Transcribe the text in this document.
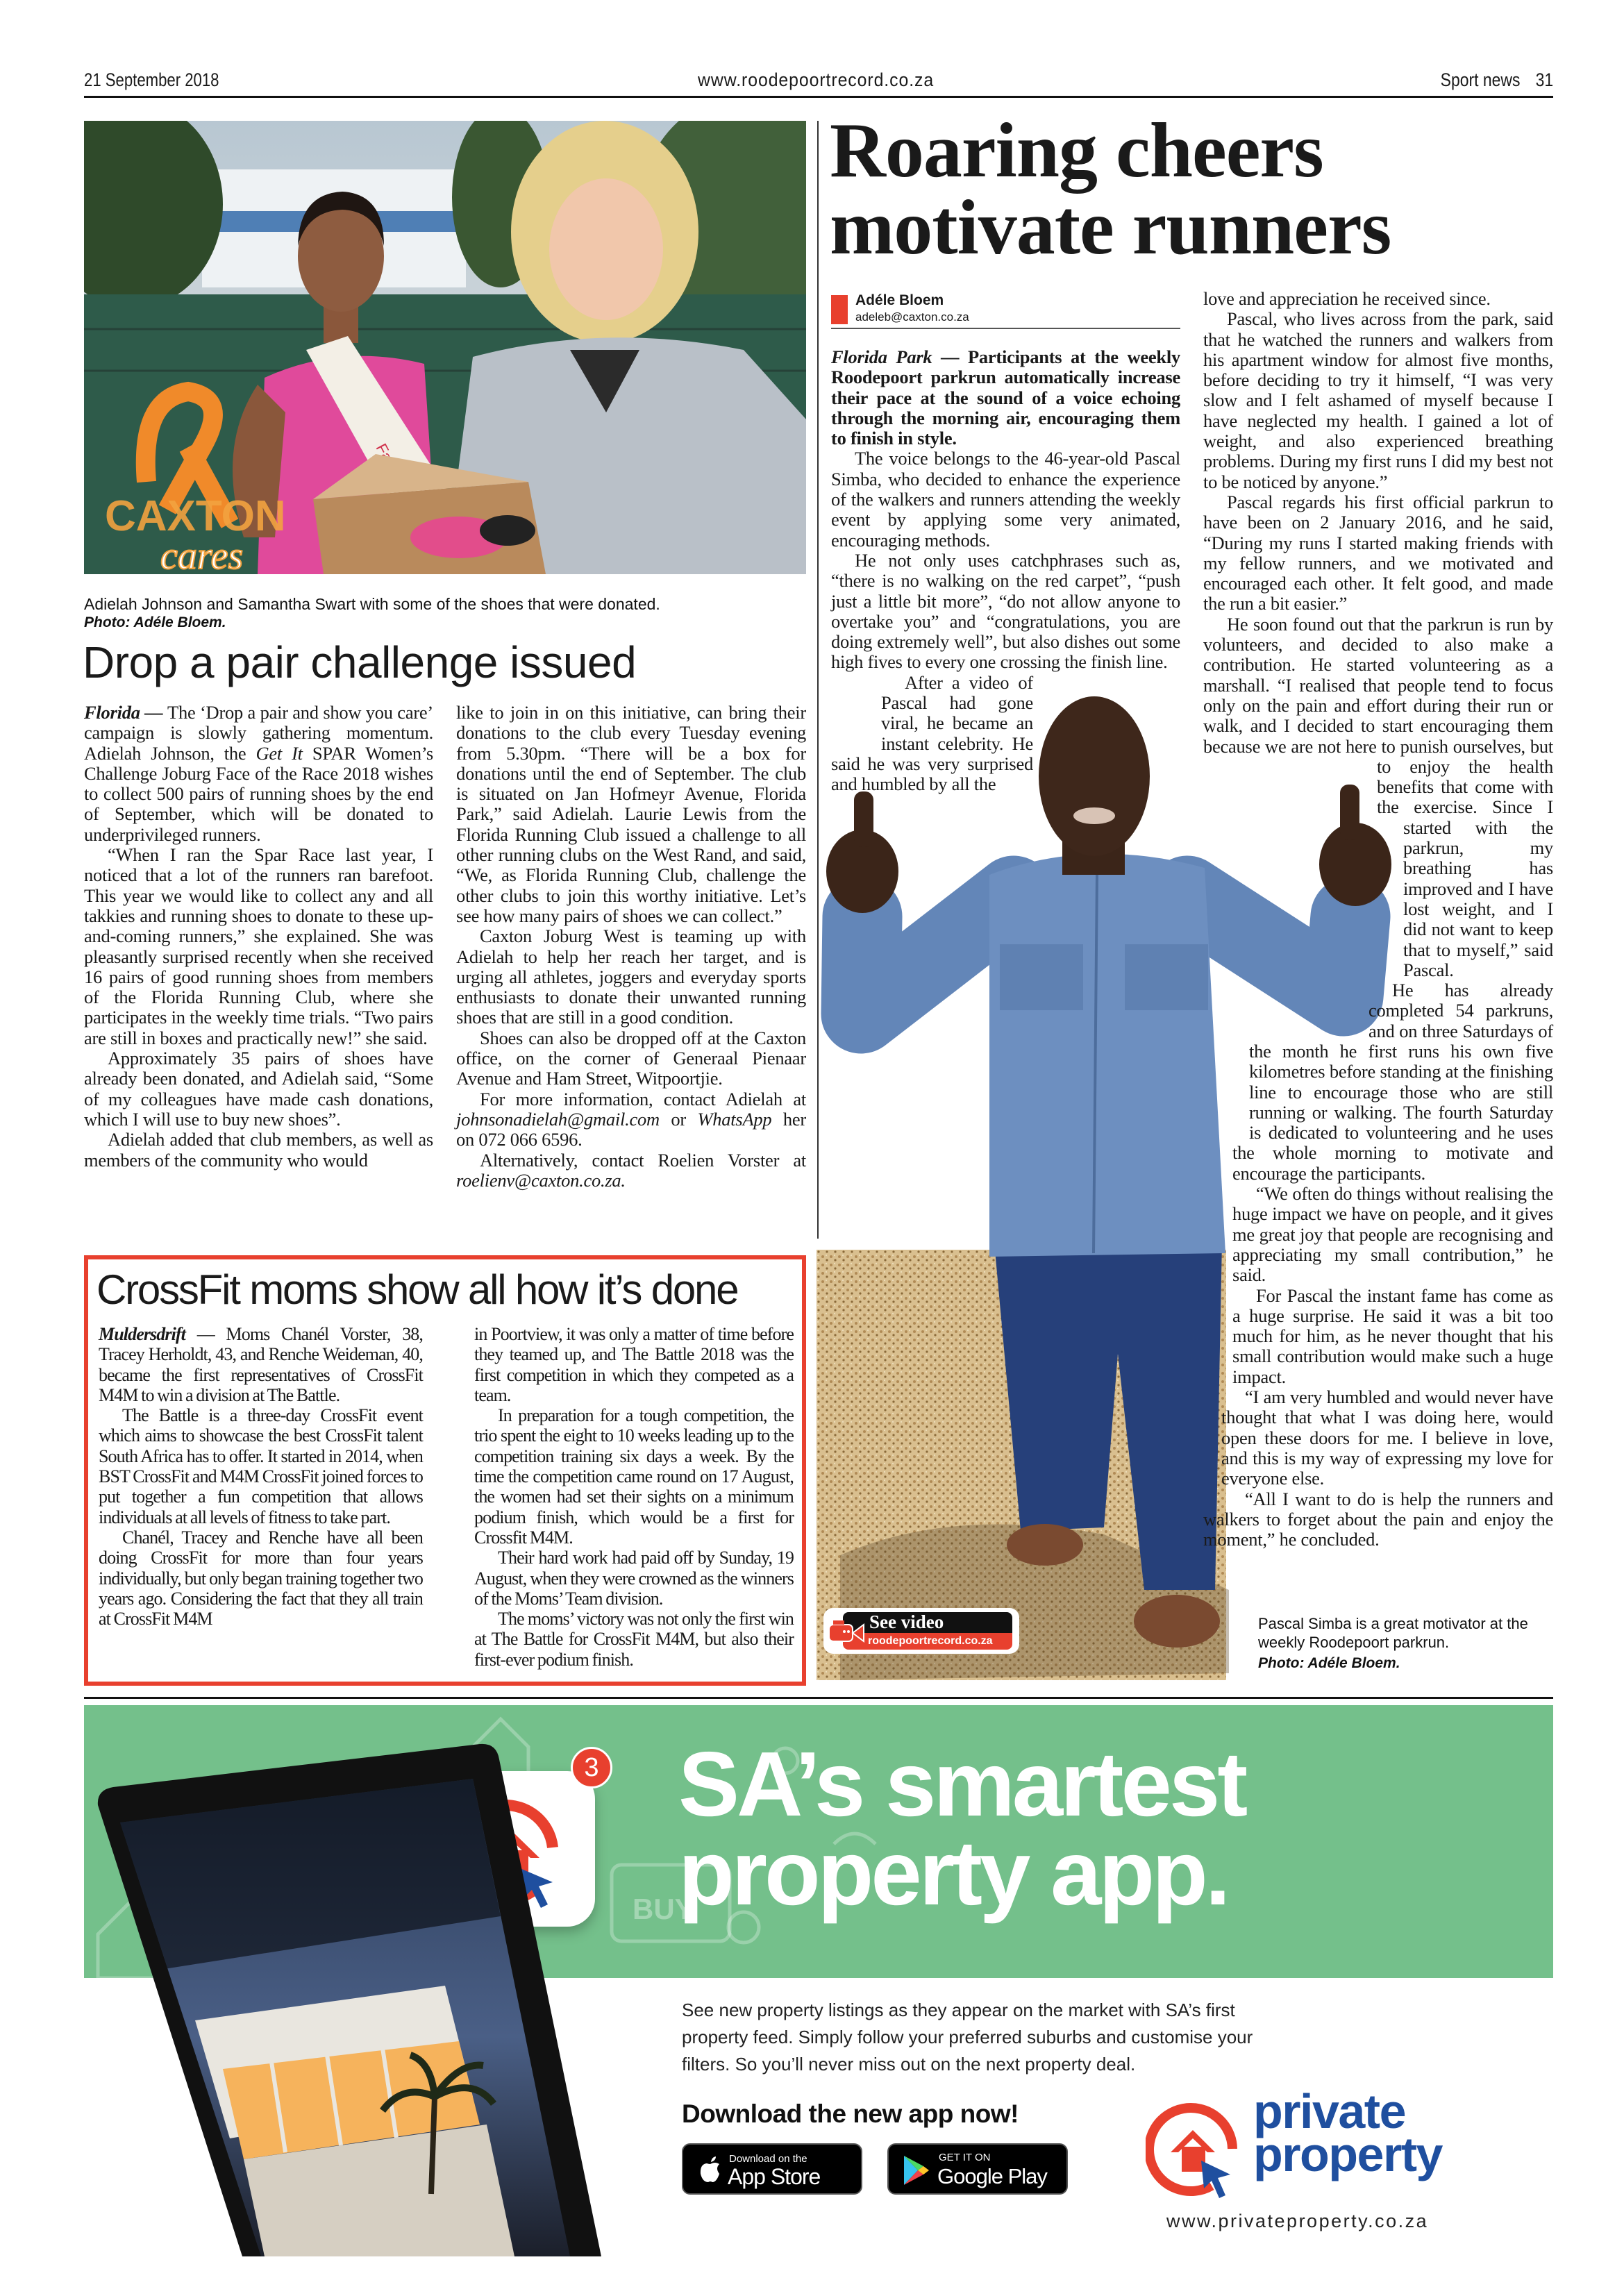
21 September 2018	www.roodepoortrecord.co.za	Sport news 31
CAXTON
cares
Adielah Johnson and Samantha Swart with some of the shoes that were donated.
Photo: Adéle Bloem.
Drop a pair challenge issued

Florida — The ‘Drop a pair and show you care’ campaign is slowly gathering momentum. Adielah Johnson, the Get It SPAR Women’s Challenge Joburg Face of the Race 2018 wishes to collect 500 pairs of running shoes by the end of September, which will be donated to underprivileged runners.

“When I ran the Spar Race last year, I noticed that a lot of the runners ran barefoot. This year we would like to collect any and all takkies and running shoes to donate to these up-and-coming runners,” she explained. She was pleasantly surprised recently when she received 16 pairs of good running shoes from members of the Florida Running Club, where she participates in the weekly time trials. “Two pairs are still in boxes and practically new!” she said.

Approximately 35 pairs of shoes have already been donated, and Adielah said, “Some of my colleagues have made cash donations, which I will use to buy new shoes”.

Adielah added that club members, as well as members of the community who would

like to join in on this initiative, can bring their donations to the club every Tuesday evening from 5.30pm. “There will be a box for donations until the end of September. The club is situated on Jan Hofmeyr Avenue, Florida Park,” said Adielah. Laurie Lewis from the Florida Running Club issued a challenge to all other running clubs on the West Rand, and said, “We, as Florida Running Club, challenge the other clubs to join this worthy initiative. Let’s see how many pairs of shoes we can collect.”

Caxton Joburg West is teaming up with Adielah to help her reach her target, and is urging all athletes, joggers and everyday sports enthusiasts to donate their unwanted running shoes that are still in a good condition.

Shoes can also be dropped off at the Caxton office, on the corner of Generaal Pienaar Avenue and Ham Street, Witpoortjie.

For more information, contact Adielah at johnsonadielah@gmail.com or WhatsApp her on 072 066 6596.

Alternatively, contact Roelien Vorster at roelienv@caxton.co.za.

CrossFit moms show all how it’s done

Muldersdrift — Moms Chanél Vorster, 38, Tracey Herholdt, 43, and Renche Weideman, 40, became the first representatives of CrossFit M4M to win a division at The Battle.

The Battle is a three-day CrossFit event which aims to showcase the best CrossFit talent South Africa has to offer. It started in 2014, when BST CrossFit and M4M CrossFit joined forces to put together a fun competition that allows individuals at all levels of fitness to take part.

Chanél, Tracey and Renche have all been doing CrossFit for more than four years individually, but only began training together two years ago. Considering the fact that they all train at CrossFit M4M

in Poortview, it was only a matter of time before they teamed up, and The Battle 2018 was the first competition in which they competed as a team.

In preparation for a tough competition, the trio spent the eight to 10 weeks leading up to the competition training six days a week. By the time the competition came round on 17 August, the women had set their sights on a minimum podium finish, which would be a first for Crossfit M4M.

Their hard work had paid off by Sunday, 19 August, when they were crowned as the winners of the Moms’ Team division.

The moms’ victory was not only the first win at The Battle for CrossFit M4M, but also their first-ever podium finish.

Roaring cheers
motivate runners
Adéle Bloem
adeleb@caxton.co.za

Florida Park — Participants at the weekly Roodepoort parkrun automatically increase their pace at the sound of a voice echoing through the morning air, encouraging them to finish in style.

The voice belongs to the 46-year-old Pascal Simba, who decided to enhance the experience of the walkers and runners attending the weekly event by applying some very animated, encouraging methods.

He not only uses catchphrases such as, “there is no walking on the red carpet”, “push just a little bit more”, “do not allow anyone to overtake you” and “congratulations, you are doing extremely well”, but also dishes out some high fives to every one crossing the finish line.

After a video of Pascal had gone viral, he became an instant celebrity. He said he was very surprised and humbled by all the

love and appreciation he received since.

Pascal, who lives across from the park, said that he watched the runners and walkers from his apartment window for almost five months, before deciding to try it himself, “I was very slow and I felt ashamed of myself because I have neglected my health. I gained a lot of weight, and also experienced breathing problems. During my first runs I did my best not to be noticed by anyone.”

Pascal regards his first official parkrun to have been on 2 January 2016, and he said, “During my runs I started making friends with my fellow runners, and we motivated and encouraged each other. It felt good, and made the run a bit easier.”

He soon found out that the parkrun is run by volunteers, and decided to also make a contribution. He started volunteering as a marshall. “I realised that people tend to focus only on the pain and effort during their run or walk, and I decided to start encouraging them because we are not here to punish ourselves, but to enjoy the health benefits that come with the exercise. Since I started with the parkrun, my breathing has improved and I have lost weight, and I did not want to keep that to myself,” said Pascal.

He has already completed 54 parkruns, and on three Saturdays of the month he first runs his own five kilometres before standing at the finishing line to encourage those who are still running or walking. The fourth Saturday is dedicated to volunteering and he uses the whole morning to motivate and encourage the participants.

“We often do things without realising the huge impact we have on people, and it gives me great joy that people are recognising and appreciating my small contribution,” he said.

For Pascal the instant fame has come as a huge surprise. He said it was a bit too much for him, as he never thought that his small contribution would make such a huge impact.

“I am very humbled and would never have thought that what I was doing here, would open these doors for me. I believe in love, and this is my way of expressing my love for everyone else.

“All I want to do is help the runners and walkers to forget about the pain and enjoy the moment,” he concluded.

See video
roodepoortrecord.co.za
Pascal Simba is a great motivator at the weekly Roodepoort parkrun.
Photo: Adéle Bloem.
BUY
3 SA’s smartest
property app.
See new property listings as they appear on the market with SA’s first
property feed. Simply follow your preferred suburbs and customise your
filters. So you’ll never miss out on the next property deal.
Download the new app now!
Download on the
App Store
GET IT ON
Google Play
private
property
www.privateproperty.co.za
